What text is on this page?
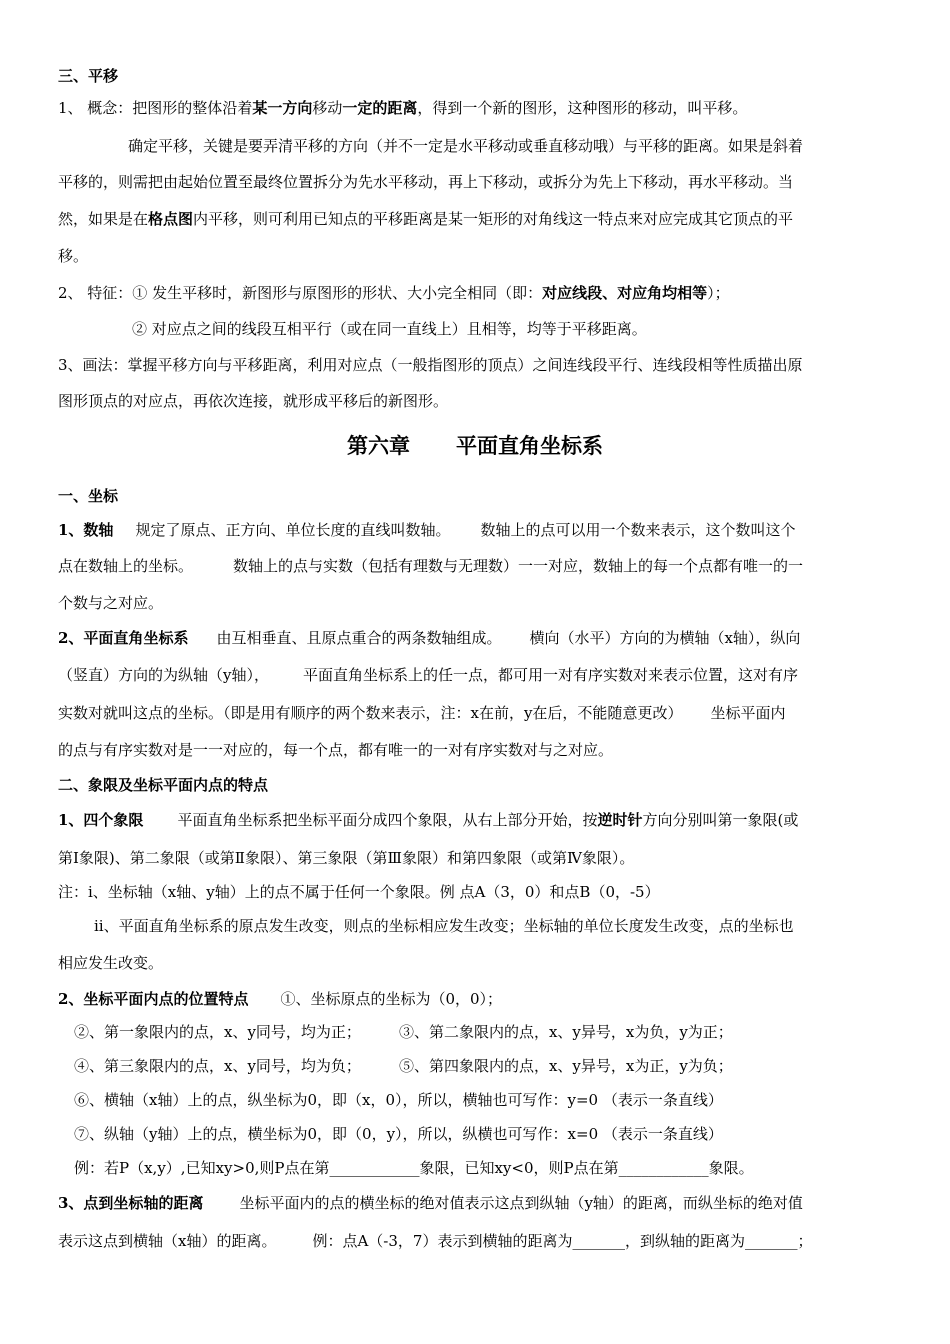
三、平移
1、 概念：把图形的整体沿着某一方向移动一定的距离，得到一个新的图形，这种图形的移动，叫平移。
确定平移，关键是要弄清平移的方向（并不一定是水平移动或垂直移动哦）与平移的距离。如果是斜着
平移的，则需把由起始位置至最终位置拆分为先水平移动，再上下移动，或拆分为先上下移动，再水平移动。当
然，如果是在格点图内平移，则可利用已知点的平移距离是某一矩形的对角线这一特点来对应完成其它顶点的平
移。
2、 特征：① 发生平移时，新图形与原图形的形状、大小完全相同（即：对应线段、对应角均相等）；
② 对应点之间的线段互相平行（或在同一直线上）且相等，均等于平移距离。
3、画法：掌握平移方向与平移距离，利用对应点（一般指图形的顶点）之间连线段平行、连线段相等性质描出原
图形顶点的对应点，再依次连接，就形成平移后的新图形。
第六章 平面直角坐标系
一、坐标
1、数轴 规定了原点、正方向、单位长度的直线叫数轴。 数轴上的点可以用一个数来表示，这个数叫这个
点在数轴上的坐标。	数轴上的点与实数（包括有理数与无理数）一一对应，数轴上的每一个点都有唯一的一
个数与之对应。
2、平面直角坐标系 由互相垂直、且原点重合的两条数轴组成。 横向（水平）方向的为横轴（x轴），纵向
（竖直）方向的为纵轴（y轴）， 平面直角坐标系上的任一点，都可用一对有序实数对来表示位置，这对有序
实数对就叫这点的坐标。（即是用有顺序的两个数来表示，注：x在前，y在后，不能随意更改） 坐标平面内
的点与有序实数对是一一对应的，每一个点，都有唯一的一对有序实数对与之对应。
二、象限及坐标平面内点的特点
1、四个象限 平面直角坐标系把坐标平面分成四个象限，从右上部分开始，按逆时针方向分别叫第一象限(或
第Ⅰ象限)、第二象限（或第Ⅱ象限）、第三象限（第Ⅲ象限）和第四象限（或第Ⅳ象限）。
注：ⅰ、坐标轴（x轴、y轴）上的点不属于任何一个象限。例 点A（3，0）和点B（0，-5）
ⅱ、平面直角坐标系的原点发生改变，则点的坐标相应发生改变；坐标轴的单位长度发生改变，点的坐标也
相应发生改变。
2、坐标平面内点的位置特点 ①、坐标原点的坐标为（0，0）；
②、第一象限内的点，x、y同号，均为正；	③、第二象限内的点，x、y异号，x为负，y为正；
④、第三象限内的点，x、y同号，均为负；	⑤、第四象限内的点，x、y异号，x为正，y为负；
⑥、横轴（x轴）上的点，纵坐标为0，即（x，0），所以，横轴也可写作：y=0 （表示一条直线）
⑦、纵轴（y轴）上的点，横坐标为0，即（0，y），所以，纵横也可写作：x=0 （表示一条直线）
例：若P（x,y）,已知xy>0,则P点在第____________象限，已知xy<0，则P点在第____________象限。
3、点到坐标轴的距离 坐标平面内的点的横坐标的绝对值表示这点到纵轴（y轴）的距离，而纵坐标的绝对值
表示这点到横轴（x轴）的距离。 例：点A（-3，7）表示到横轴的距离为_______，到纵轴的距离为_______；
